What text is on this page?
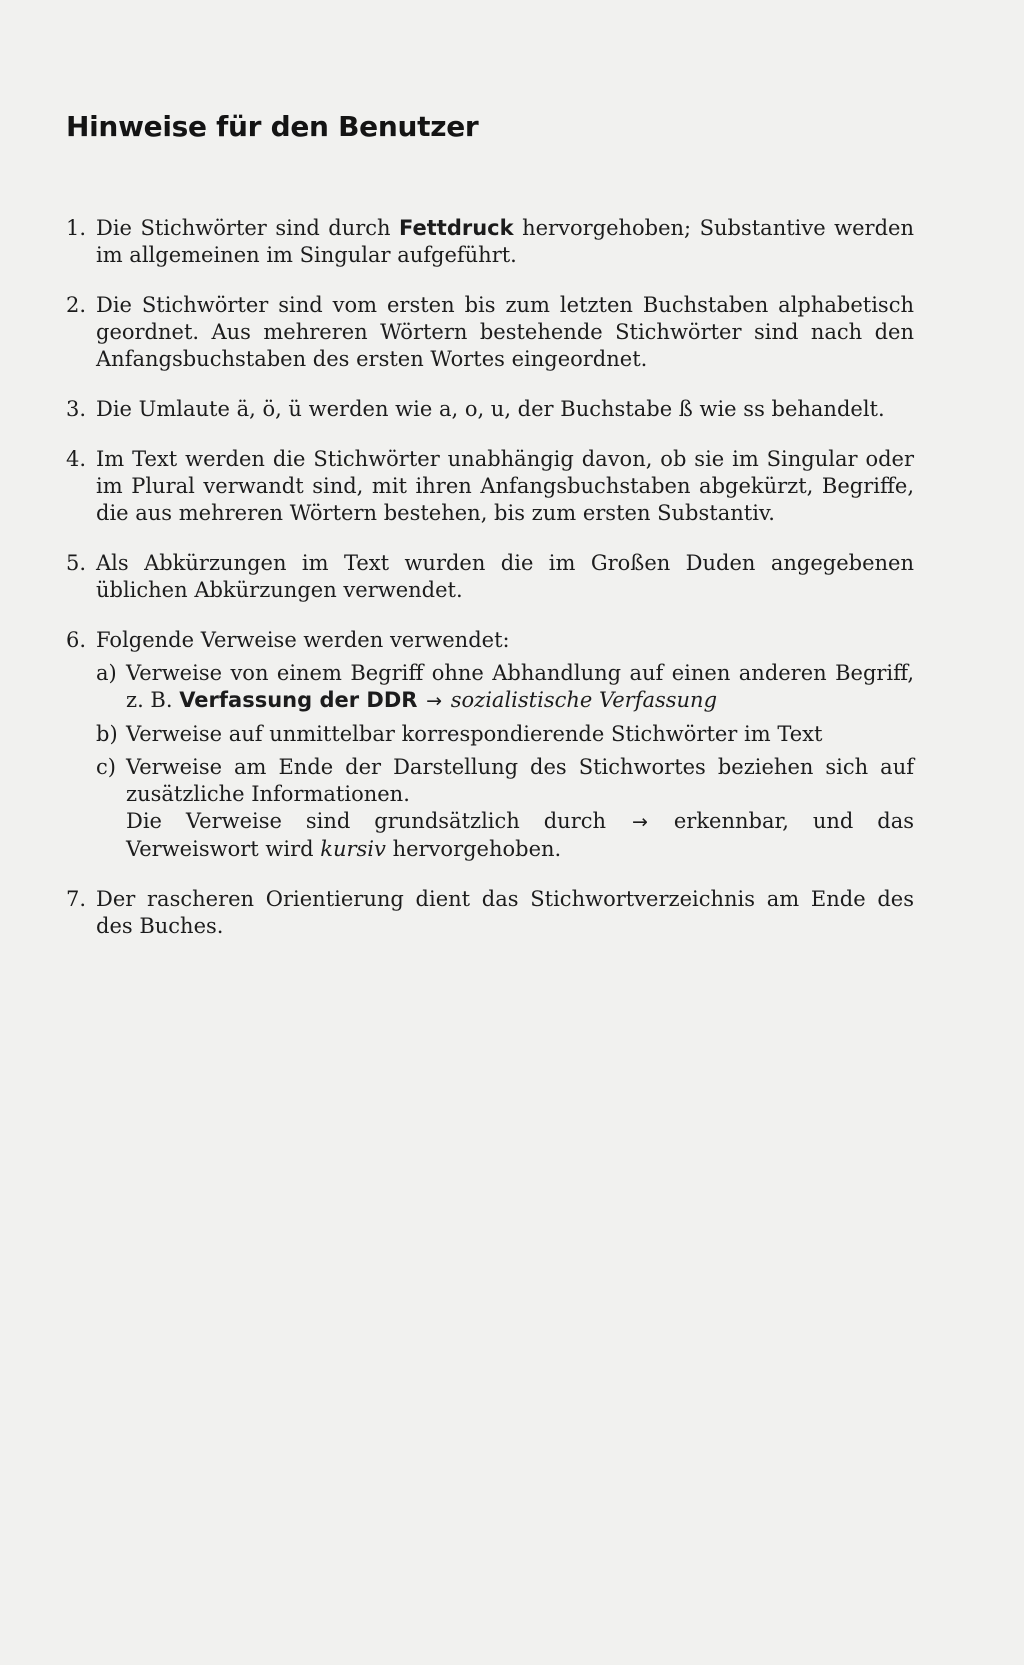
Hinweise für den Benutzer
1. Die Stichwörter sind durch Fettdruck hervorgehoben; Substantive werden im allgemeinen im Singular aufgeführt.
2. Die Stichwörter sind vom ersten bis zum letzten Buchstaben alphabetisch geordnet. Aus mehreren Wörtern bestehende Stichwörter sind nach den Anfangsbuchstaben des ersten Wortes eingeordnet.
3. Die Umlaute ä, ö, ü werden wie a, o, u, der Buchstabe ß wie ss behandelt.
4. Im Text werden die Stichwörter unabhängig davon, ob sie im Singular oder im Plural verwandt sind, mit ihren Anfangsbuchstaben abgekürzt, Begriffe, die aus mehreren Wörtern bestehen, bis zum ersten Substantiv.
5. Als Abkürzungen im Text wurden die im Großen Duden angegebenen üblichen Abkürzungen verwendet.
6. Folgende Verweise werden verwendet:
a) Verweise von einem Begriff ohne Abhandlung auf einen anderen Begriff, z. B. Verfassung der DDR → sozialistische Verfassung
b) Verweise auf unmittelbar korrespondierende Stichwörter im Text
c) Verweise am Ende der Darstellung des Stichwortes beziehen sich auf zusätzliche Informationen.
Die Verweise sind grundsätzlich durch → erkennbar, und das Verweiswort wird kursiv hervorgehoben.
7. Der rascheren Orientierung dient das Stichwortverzeichnis am Ende des des Buches.
